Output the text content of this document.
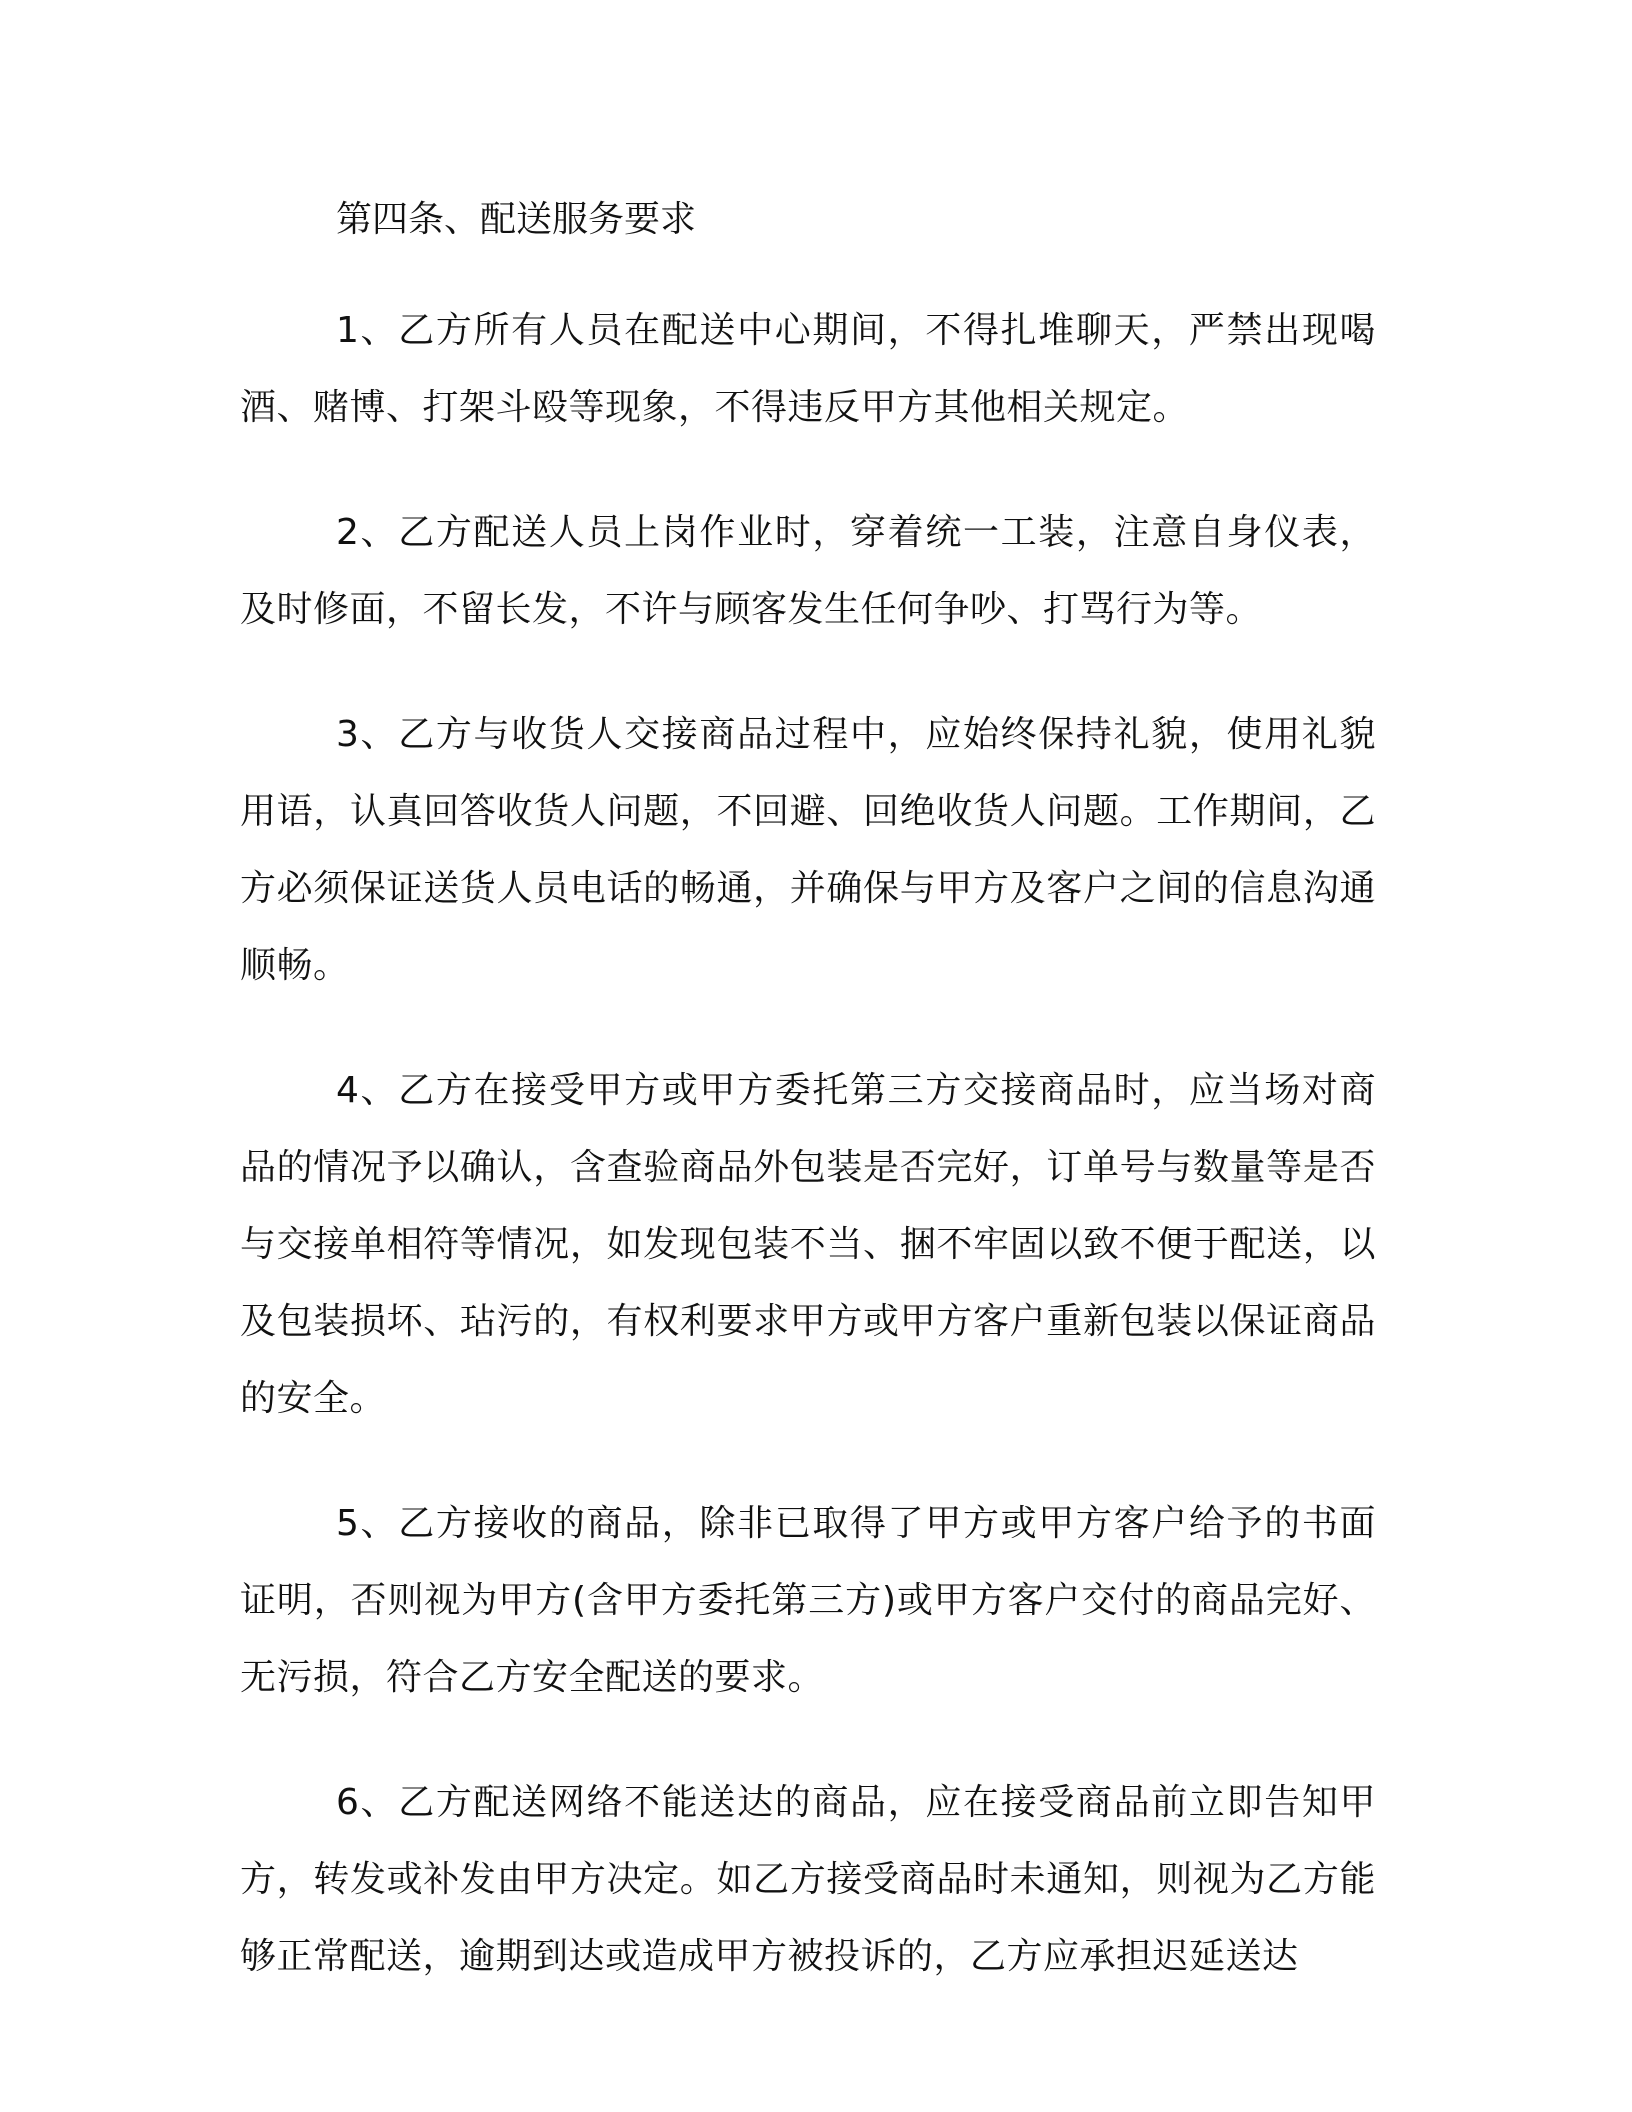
第四条、配送服务要求

1、乙方所有人员在配送中心期间，不得扎堆聊天，严禁出现喝酒、赌博、打架斗殴等现象，不得违反甲方其他相关规定。

2、乙方配送人员上岗作业时，穿着统一工装，注意自身仪表，及时修面，不留长发，不许与顾客发生任何争吵、打骂行为等。

3、乙方与收货人交接商品过程中，应始终保持礼貌，使用礼貌用语，认真回答收货人问题，不回避、回绝收货人问题。工作期间，乙方必须保证送货人员电话的畅通，并确保与甲方及客户之间的信息沟通顺畅。

4、乙方在接受甲方或甲方委托第三方交接商品时，应当场对商品的情况予以确认，含查验商品外包装是否完好，订单号与数量等是否与交接单相符等情况，如发现包装不当、捆不牢固以致不便于配送，以及包装损坏、玷污的，有权利要求甲方或甲方客户重新包装以保证商品的安全。

5、乙方接收的商品，除非已取得了甲方或甲方客户给予的书面证明，否则视为甲方(含甲方委托第三方)或甲方客户交付的商品完好、无污损，符合乙方安全配送的要求。

6、乙方配送网络不能送达的商品，应在接受商品前立即告知甲方，转发或补发由甲方决定。如乙方接受商品时未通知，则视为乙方能够正常配送，逾期到达或造成甲方被投诉的，乙方应承担迟延送达
